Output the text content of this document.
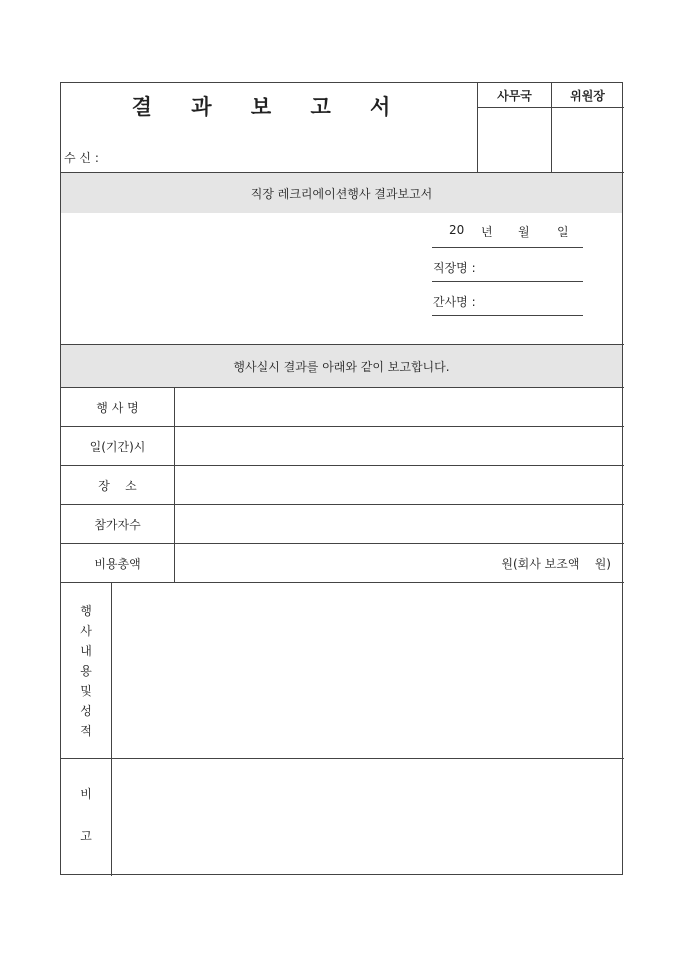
결 과 보 고 서
수 신 :
사무국	위원장
직장 레크리에이션행사 결과보고서
20 년 월 일
직장명 :
간사명 :
행사실시 결과를 아래와 같이 보고합니다.
행 사 명
일(기간)시
장    소
참가자수
비용총액	원(회사 보조액    원)
행
사
내
용
및
성
적
비
고
